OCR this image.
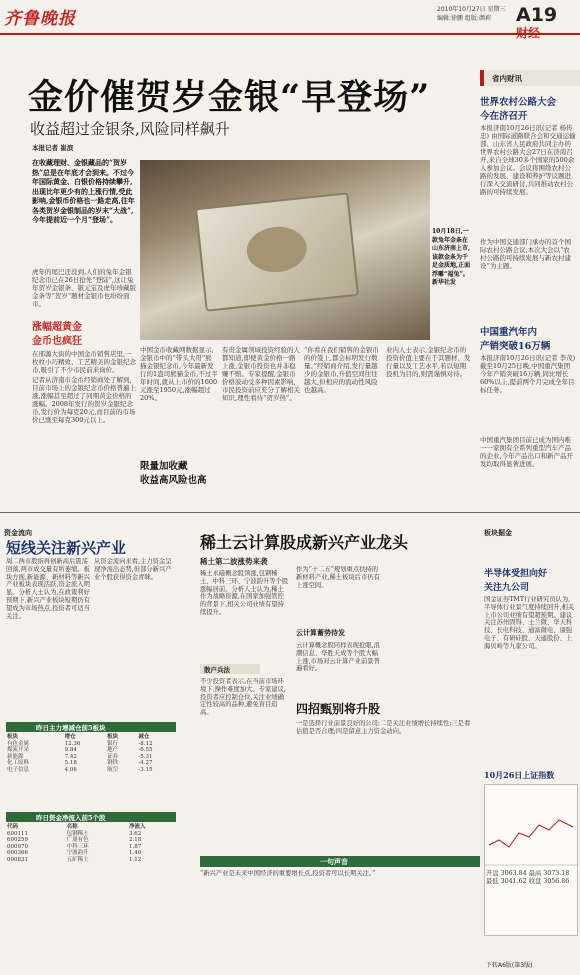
齐鲁晚报	2010年10月27日 星期三
编辑:徐鹏 组版:颜莉 A19
财经
金价催贺岁金银“早登场”
收益超过金银条,风险同样飙升
本报记者 崔滨
在收藏理财、金银藏品的“贺岁热”总是在年底才会到来。不过今年国际黄金、白银价格持续攀升,出现比年更少有的上涨行情,受此影响,金银币价格也一路走高,往年各类贺岁金银制品的岁末“大战”,今年提前近一个月“登场”。
10月18日,一款兔年金条在山东济南上市,该款金条为千足金质地,正面浮雕“福兔”。 新华社发
虎年的尾巴还没到,人们的兔年金银纪念币已在26日抢先“登陆”,这让兔年贺岁金银条、银元宝及虎年珍藏版金条等“贺岁”题材金银币也纷纷面市。
涨幅超黄金
金币也疯狂
在邢源大街的中国金币销售店里,一枚枚小巧精致、工艺精美的金银纪念币,吸引了不少市民前来询价。
记者从济南市金币经销商处了解到,目前市场上的金银纪念币价格普遍上涨,涨幅甚至超过了同期黄金价格的涨幅。2008年发行的贺岁金银纪念币,发行价为每克20元,而目前的市场价已涨至每克300元以上。
中国金币收藏网数据显示,金银币中的“带头大哥”熊猫金银纪念币,今年最新发行的1盎司熊猫金币,不过半年时间,就从上市价的1600元涨至1950元,涨幅超过20%。
限量加收藏
收益高风险也高
有贵金属领域投资经验的人都知道,即使黄金价格一路上涨,金银币投资也并非稳赚不赔。专家提醒,金银币价格波动受多种因素影响,市民投资前应充分了解相关知识,理性看待“贺岁热”。
“你看在我们销售的金银币的价签上,都会标明发行数量。”经销商介绍,发行量越少的金银币,升值空间往往越大,但相应的流动性风险也越高。
业内人士表示,金银纪念币的投资价值主要在于其题材、发行量以及工艺水平,若以短期投机为目的,则需谨慎对待。
省内财讯
世界农村公路大会
今在济召开
本报济南10月26日讯(记者 杨传忠) 由国际道路联合会和交通运输部、山东省人民政府共同主办的世界农村公路大会27日在济南召开,来自全球30多个国家的500余人参加会议。会议将围绕农村公路的发展、建设和养护等议题进行深入交流研讨,共同推动农村公路的可持续发展。
作为中国交通部门承办的首个国际农村公路会议,本次大会以“农村公路的可持续发展与新农村建设”为主题。
中国重汽年内
产销突破16万辆
本报济南10月26日讯(记者 李茂) 截至10月25日晚,中国重汽集团今年产销突破16万辆,同比增长60%以上,提前两个月完成全年目标任务。
中国重汽集团目前已成为国内唯一一家拥有全系列重型汽车产品的企业,今年产品出口和新产品开发均取得显著进展。
资金流向
短线关注新兴产业
周二两市股指再创新高后震荡回落,两市成交量有所萎缩。板块方面,新能源、新材料等新兴产业板块表现活跃,资金流入明显。分析人士认为,在政策利好预期下,新兴产业板块短期仍有望成为市场热点,投资者可适当关注。
从资金流向来看,主力资金呈现净流出态势,但部分新兴产业个股获得资金青睐。
昨日主力增减仓前5板块
板块	增仓	板块	减仓
有色金属	12.36	银行	-8.12
煤炭开采	9.84	地产	-6.55
新能源	7.42	证券	-5.31
化工原料	5.18	钢铁	-4.27
电子信息	4.06	航空	-3.15
昨日资金净流入前5个股
代码	名称	净流入
600111	包钢稀土	3.62
600259	广晟有色	2.18
000970	中科三环	1.87
600366	宁波韵升	1.46
000831	五矿稀土	1.12
稀土云计算股成新兴产业龙头
稀土第二波涨势来袭
稀土永磁概念股领涨,包钢稀土、中科三环、宁波韵升等个股涨幅居前。分析人士认为,稀土作为战略资源,在国家加强管控的背景下,相关公司业绩有望持续提升。
作为“十二五”规划重点扶持的新材料产业,稀土板块后市仍有上涨空间。
云计算蓄势待发
云计算概念股同样表现抢眼,浪潮信息、华胜天成等个股大幅上涨,市场对云计算产业前景普遍看好。
散户兵法
不少投资者表示,在当前市场环境下,操作难度加大。专家建议,投资者应控制仓位,关注业绩确定性较高的品种,避免盲目追高。	四招甄别将升股
一是选择行业前景良好的公司;二是关注业绩增长持续性;三是看估值是否合理;四是留意主力资金动向。
一句声音
“新兴产业是未来中国经济的重要增长点,投资者可以长期关注。”
板块掘金
半导体受担向好
关注九公司
国金证券TMT行业研究员认为,半导体行业景气度持续回升,相关上市公司业绩有望超预期。建议关注苏州固锝、士兰微、华天科技、长电科技、通富微电、康强电子、有研硅股、天通股份、上海贝岭等九家公司。
10月26日上证指数
开盘 3063.84 最高 3073.18 最低 3041.62 收盘 3056.86
下转A6版(第3版)
